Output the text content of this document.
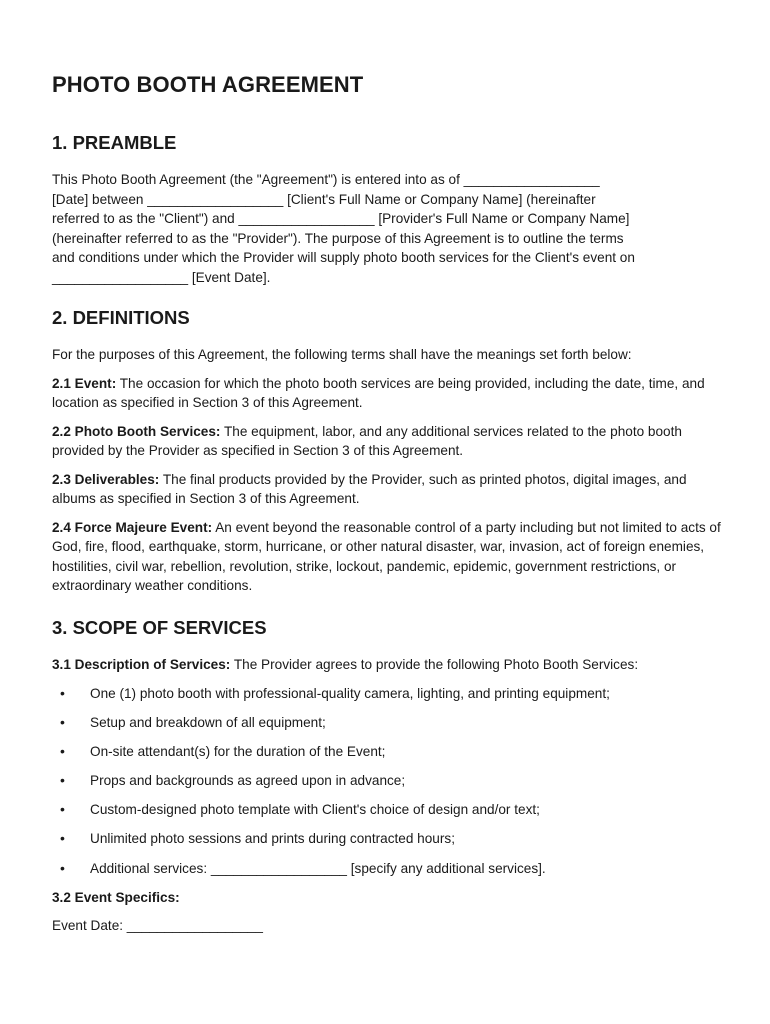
PHOTO BOOTH AGREEMENT
1. PREAMBLE
This Photo Booth Agreement (the "Agreement") is entered into as of __________________
[Date] between __________________ [Client's Full Name or Company Name] (hereinafter
referred to as the "Client") and __________________ [Provider's Full Name or Company Name]
(hereinafter referred to as the "Provider"). The purpose of this Agreement is to outline the terms
and conditions under which the Provider will supply photo booth services for the Client's event on
__________________ [Event Date].
2. DEFINITIONS

For the purposes of this Agreement, the following terms shall have the meanings set forth below:

2.1 Event: The occasion for which the photo booth services are being provided, including the date, time, and location as specified in Section 3 of this Agreement.

2.2 Photo Booth Services: The equipment, labor, and any additional services related to the photo booth provided by the Provider as specified in Section 3 of this Agreement.

2.3 Deliverables: The final products provided by the Provider, such as printed photos, digital images, and albums as specified in Section 3 of this Agreement.

2.4 Force Majeure Event: An event beyond the reasonable control of a party including but not limited to acts of God, fire, flood, earthquake, storm, hurricane, or other natural disaster, war, invasion, act of foreign enemies, hostilities, civil war, rebellion, revolution, strike, lockout, pandemic, epidemic, government restrictions, or extraordinary weather conditions.

3. SCOPE OF SERVICES

3.1 Description of Services: The Provider agrees to provide the following Photo Booth Services:

• One (1) photo booth with professional-quality camera, lighting, and printing equipment;
• Setup and breakdown of all equipment;
• On-site attendant(s) for the duration of the Event;
• Props and backgrounds as agreed upon in advance;
• Custom-designed photo template with Client's choice of design and/or text;
• Unlimited photo sessions and prints during contracted hours;
• Additional services: __________________ [specify any additional services].

3.2 Event Specifics:

Event Date: __________________
